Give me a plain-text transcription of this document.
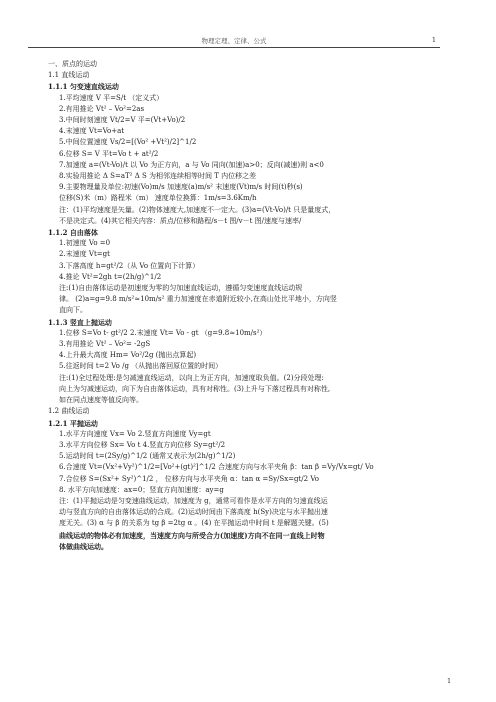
物理定理、定律、公式	1
一、质点的运动
1.1 直线运动
1.1.1 匀变速直线运动
1.平均速度 V 平=S/t （定义式）
2.有用推论 Vt² – Vo²=2as
3.中间时刻速度 Vt/2=V 平=(Vt+Vo)/2
4.末速度 Vt=Vo+at
5.中间位置速度 Vs/2=[(Vo² +Vt²)/2]^1/2
6.位移 S= V 平t=Vo t + at²/2
7.加速度 a=(Vt-Vo)/t 以 Vo 为正方向，a 与 Vo 同向(加速)a>0；反向(减速)则 a<0
8.实验用推论 Δ S=aT² Δ S 为相邻连续相等时间 T 内位移之差
9.主要物理量及单位:初速(Vo)m/s 加速度(a)m/s² 末速度(Vt)m/s 时间(t)秒(s)
位移(S)米（m）路程米（m） 速度单位换算：1m/s=3.6Km/h
注：(1)平均速度是矢量。(2)物体速度大,加速度不一定大。(3)a=(Vt-Vo)/t 只是量度式，
不是决定式。(4)其它相关内容：质点/位移和路程/s－t 图/v－t 图/速度与速率/
1.1.2 自由落体
1.初速度 Vo =0
2.末速度 Vt=gt
3.下落高度 h=gt²/2（从 Vo 位置向下计算）
4.推论 Vt²=2gh t=(2h/g)^1/2
注:(1)自由落体运动是初速度为零的匀加速直线运动，遵循匀变速度直线运动规
律。 (2)a=g=9.8 m/s²≈10m/s² 重力加速度在赤道附近较小,在高山处比平地小，方向竖
直向下。
1.1.3 竖直上抛运动
1.位移 S=Vo t- gt²/2 2.末速度 Vt= Vo - gt （g=9.8≈10m/s²）
3.有用推论 Vt² – Vo²= -2gS
4.上升最大高度 Hm= Vo²/2g (抛出点算起)
5.往返时间 t=2 Vo /g （从抛出落回原位置的时间）
注:(1)全过程处理:是匀减速直线运动，以向上为正方向，加速度取负值。(2)分段处理:
向上为匀减速运动，向下为自由落体运动，具有对称性。(3)上升与下落过程具有对称性,
如在同点速度等值反向等。
1.2 曲线运动
1.2.1 平抛运动
1.水平方向速度 Vx= Vo 2.竖直方向速度 Vy=gt
3.水平方向位移 Sx= Vo t 4.竖直方向位移 Sy=gt²/2
5.运动时间 t=(2Sy/g)^1/2 (通常又表示为(2h/g)^1/2)
6.合速度 Vt=(Vx²+Vy²)^1/2=[Vo²+(gt)²]^1/2 合速度方向与水平夹角 β：tan β =Vy/Vx=gt/ Vo
7.合位移 S=(Sx²+ Sy²)^1/2 ， 位移方向与水平夹角 α：tan α =Sy/Sx=gt/2 Vo
8. 水平方向加速度：ax=0；竖直方向加速度：ay=g
注：(1)平抛运动是匀变速曲线运动，加速度为 g，通常可看作是水平方向的匀速直线运
动与竖直方向的自由落体运动的合成。(2)运动时间由下落高度 h(Sy)决定与水平抛出速
度无关。(3) α 与 β 的关系为 tg β =2tg α 。(4) 在平抛运动中时间 t 是解题关键。(5)
曲线运动的物体必有加速度，当速度方向与所受合力(加速度)方向不在同一直线上时物
体做曲线运动。
1
